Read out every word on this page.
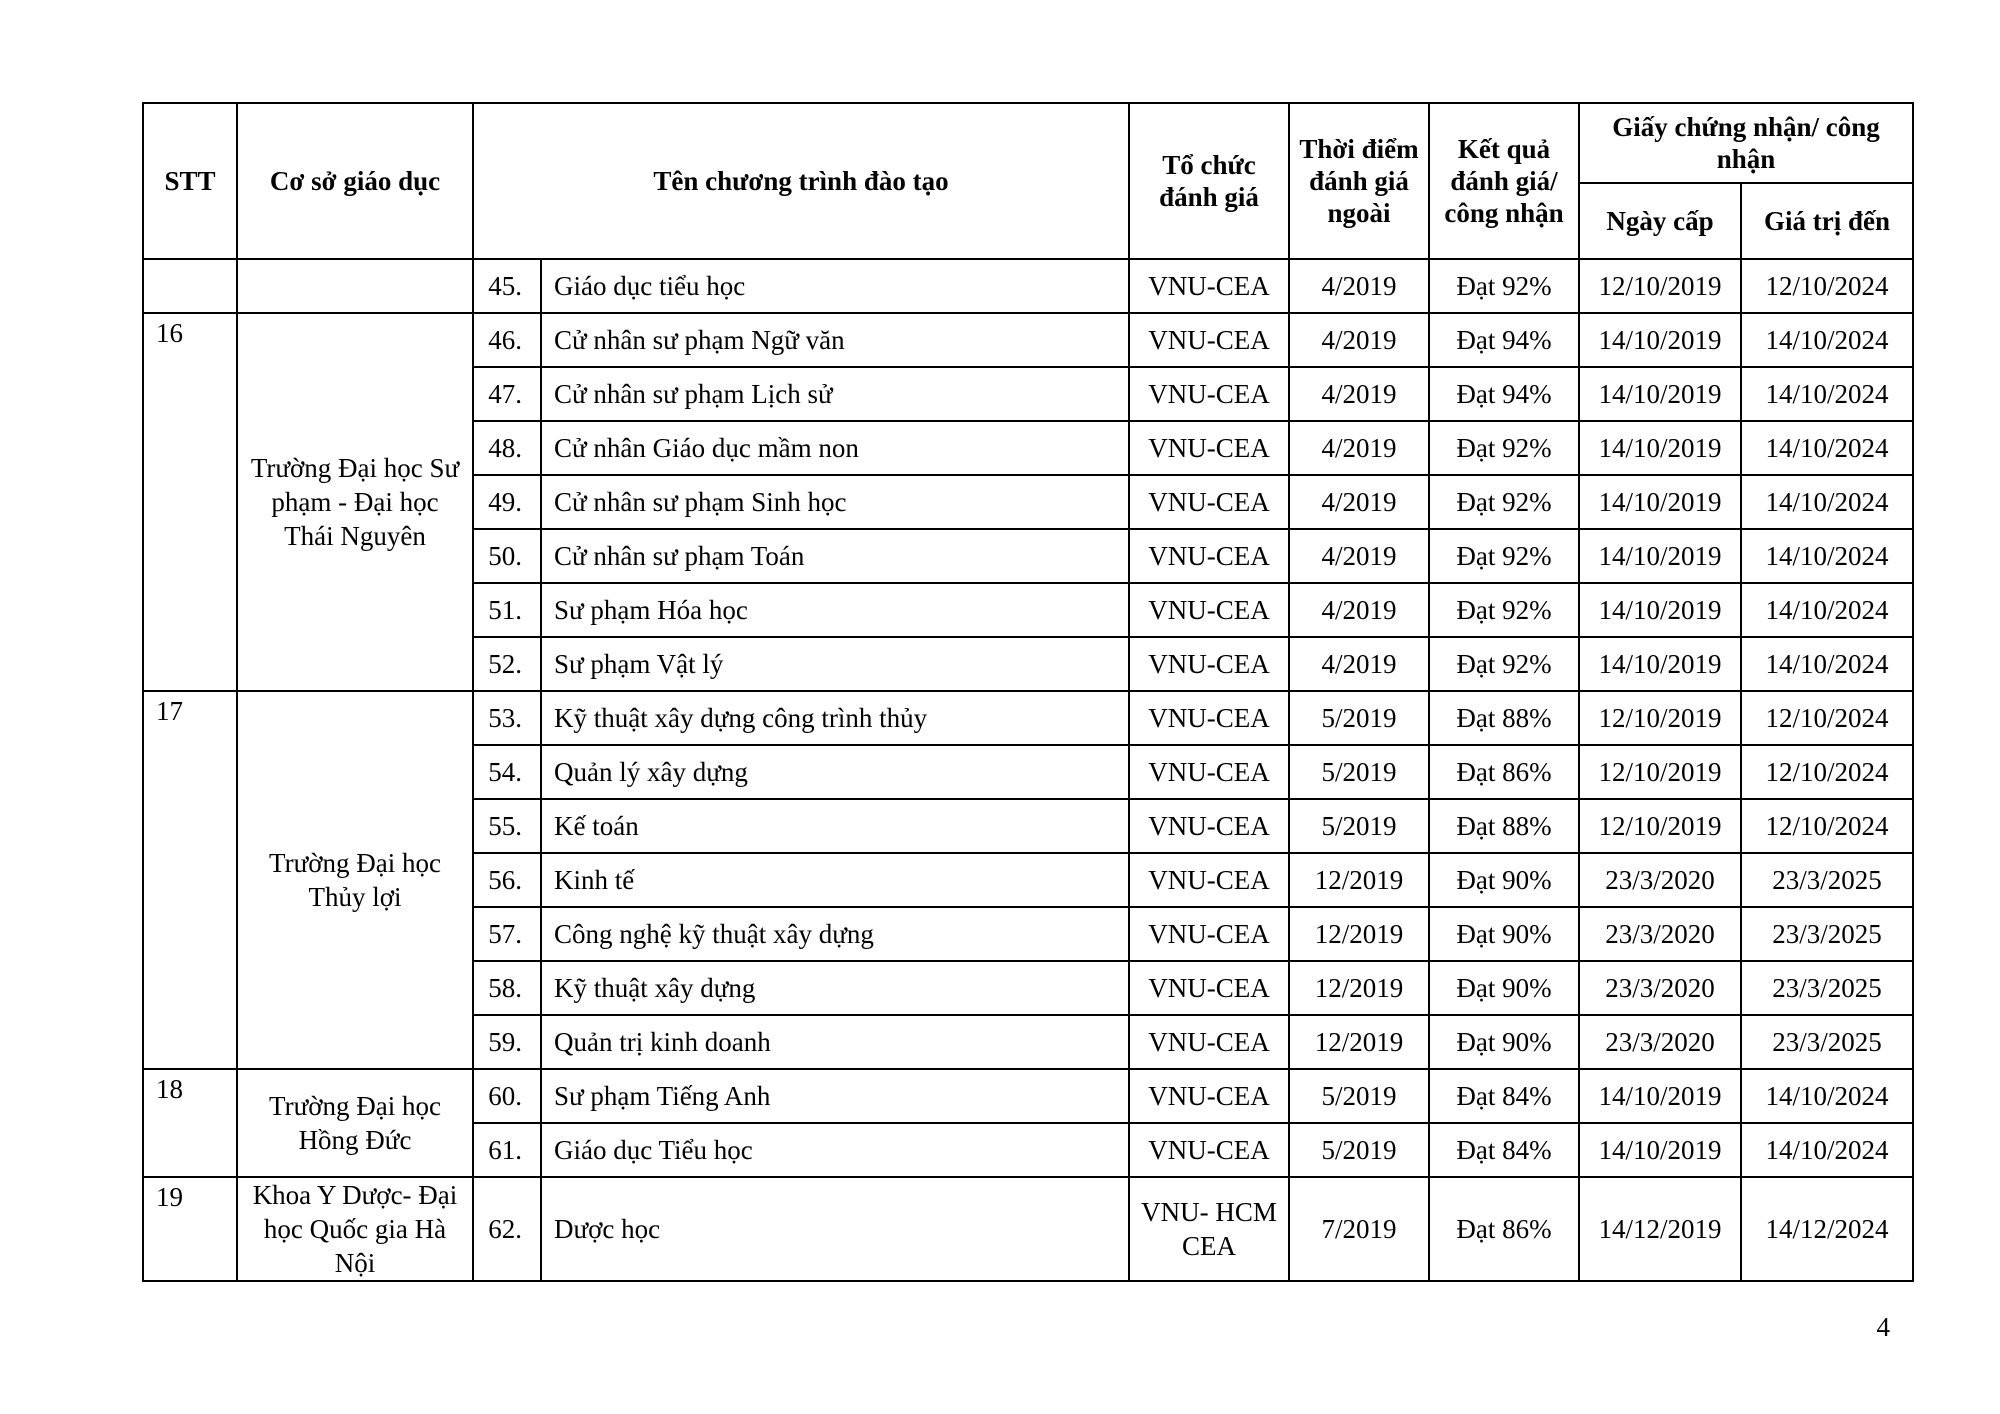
STT	Cơ sở giáo dục	Tên chương trình đào tạo		Tổ chức đánh giá	Thời điểm đánh giá ngoài	Kết quả đánh giá/ công nhận	Giấy chứng nhận/ công nhận	
							Ngày cấp	Giá trị đến
		45.	Giáo dục tiểu học	VNU-CEA	4/2019	Đạt 92%	12/10/2019	12/10/2024
16	Trường Đại học Sư phạm - Đại học Thái Nguyên	46.	Cử nhân sư phạm Ngữ văn	VNU-CEA	4/2019	Đạt 94%	14/10/2019	14/10/2024
		47.	Cử nhân sư phạm Lịch sử	VNU-CEA	4/2019	Đạt 94%	14/10/2019	14/10/2024
		48.	Cử nhân Giáo dục mầm non	VNU-CEA	4/2019	Đạt 92%	14/10/2019	14/10/2024
		49.	Cử nhân sư phạm Sinh học	VNU-CEA	4/2019	Đạt 92%	14/10/2019	14/10/2024
		50.	Cử nhân sư phạm Toán	VNU-CEA	4/2019	Đạt 92%	14/10/2019	14/10/2024
		51.	Sư phạm Hóa học	VNU-CEA	4/2019	Đạt 92%	14/10/2019	14/10/2024
		52.	Sư phạm Vật lý	VNU-CEA	4/2019	Đạt 92%	14/10/2019	14/10/2024
17	Trường Đại học Thủy lợi	53.	Kỹ thuật xây dựng công trình thủy	VNU-CEA	5/2019	Đạt 88%	12/10/2019	12/10/2024
		54.	Quản lý xây dựng	VNU-CEA	5/2019	Đạt 86%	12/10/2019	12/10/2024
		55.	Kế toán	VNU-CEA	5/2019	Đạt 88%	12/10/2019	12/10/2024
		56.	Kinh tế	VNU-CEA	12/2019	Đạt 90%	23/3/2020	23/3/2025
		57.	Công nghệ kỹ thuật xây dựng	VNU-CEA	12/2019	Đạt 90%	23/3/2020	23/3/2025
		58.	Kỹ thuật xây dựng	VNU-CEA	12/2019	Đạt 90%	23/3/2020	23/3/2025
		59.	Quản trị kinh doanh	VNU-CEA	12/2019	Đạt 90%	23/3/2020	23/3/2025
18	Trường Đại học Hồng Đức	60.	Sư phạm Tiếng Anh	VNU-CEA	5/2019	Đạt 84%	14/10/2019	14/10/2024
		61.	Giáo dục Tiểu học	VNU-CEA	5/2019	Đạt 84%	14/10/2019	14/10/2024
19	Khoa Y Dược- Đại học Quốc gia Hà Nội	62.	Dược học	VNU- HCM CEA	7/2019	Đạt 86%	14/12/2019	14/12/2024
4
